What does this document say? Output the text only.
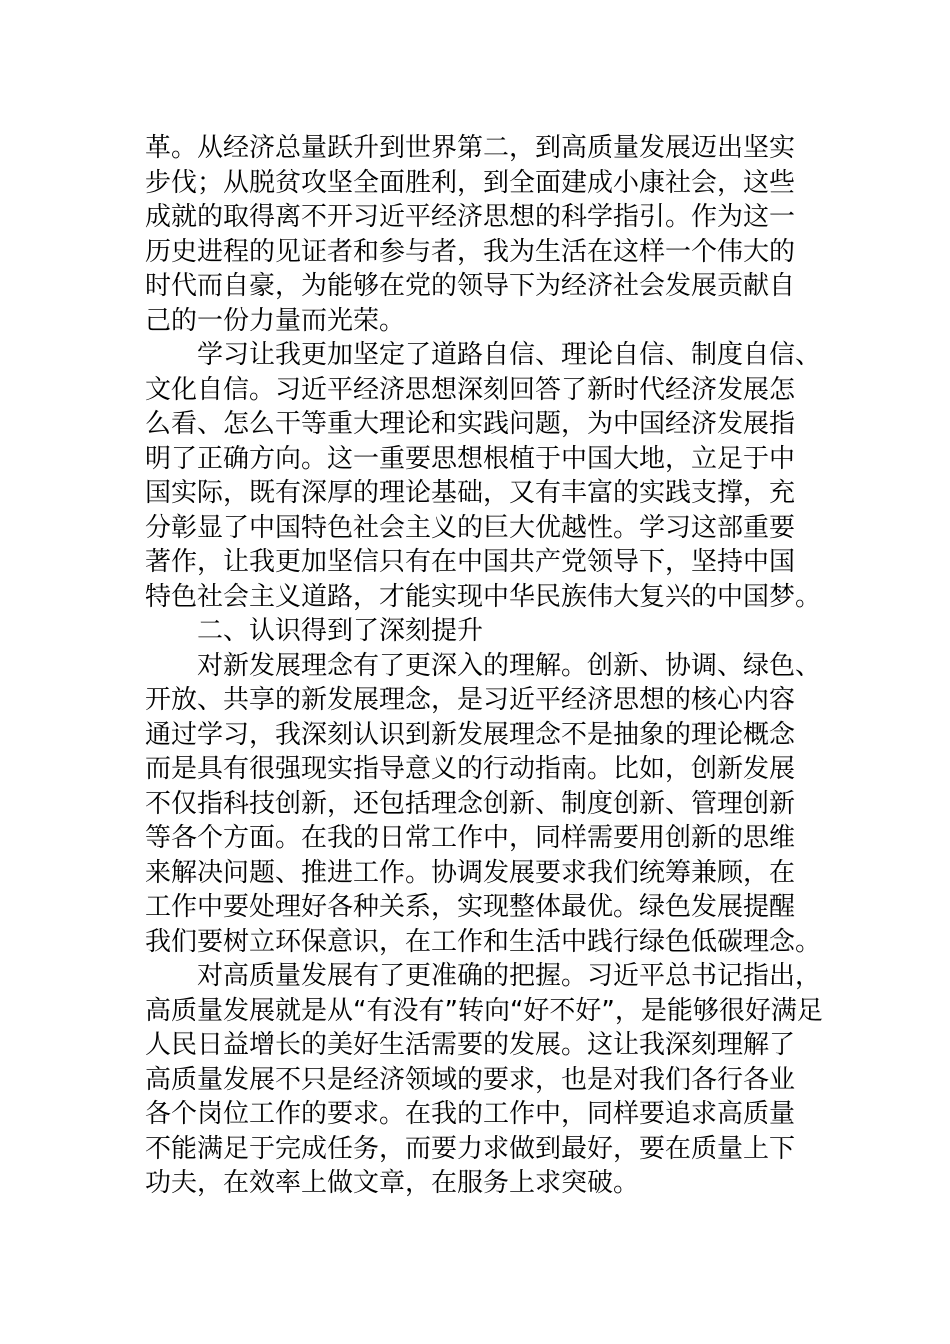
革。从经济总量跃升到世界第二，到高质量发展迈出坚实
步伐；从脱贫攻坚全面胜利，到全面建成小康社会，这些
成就的取得离不开习近平经济思想的科学指引。作为这一
历史进程的见证者和参与者，我为生活在这样一个伟大的
时代而自豪，为能够在党的领导下为经济社会发展贡献自
己的一份力量而光荣。
学习让我更加坚定了道路自信、理论自信、制度自信、
文化自信。习近平经济思想深刻回答了新时代经济发展怎
么看、怎么干等重大理论和实践问题，为中国经济发展指
明了正确方向。这一重要思想根植于中国大地，立足于中
国实际，既有深厚的理论基础，又有丰富的实践支撑，充
分彰显了中国特色社会主义的巨大优越性。学习这部重要
著作，让我更加坚信只有在中国共产党领导下，坚持中国
特色社会主义道路，才能实现中华民族伟大复兴的中国梦。
二、认识得到了深刻提升
对新发展理念有了更深入的理解。创新、协调、绿色、
开放、共享的新发展理念，是习近平经济思想的核心内容
通过学习，我深刻认识到新发展理念不是抽象的理论概念
而是具有很强现实指导意义的行动指南。比如，创新发展
不仅指科技创新，还包括理念创新、制度创新、管理创新
等各个方面。在我的日常工作中，同样需要用创新的思维
来解决问题、推进工作。协调发展要求我们统筹兼顾，在
工作中要处理好各种关系，实现整体最优。绿色发展提醒
我们要树立环保意识，在工作和生活中践行绿色低碳理念。
对高质量发展有了更准确的把握。习近平总书记指出，
高质量发展就是从“有没有”转向“好不好”，是能够很好满足
人民日益增长的美好生活需要的发展。这让我深刻理解了
高质量发展不只是经济领域的要求，也是对我们各行各业
各个岗位工作的要求。在我的工作中，同样要追求高质量
不能满足于完成任务，而要力求做到最好，要在质量上下
功夫，在效率上做文章，在服务上求突破。
